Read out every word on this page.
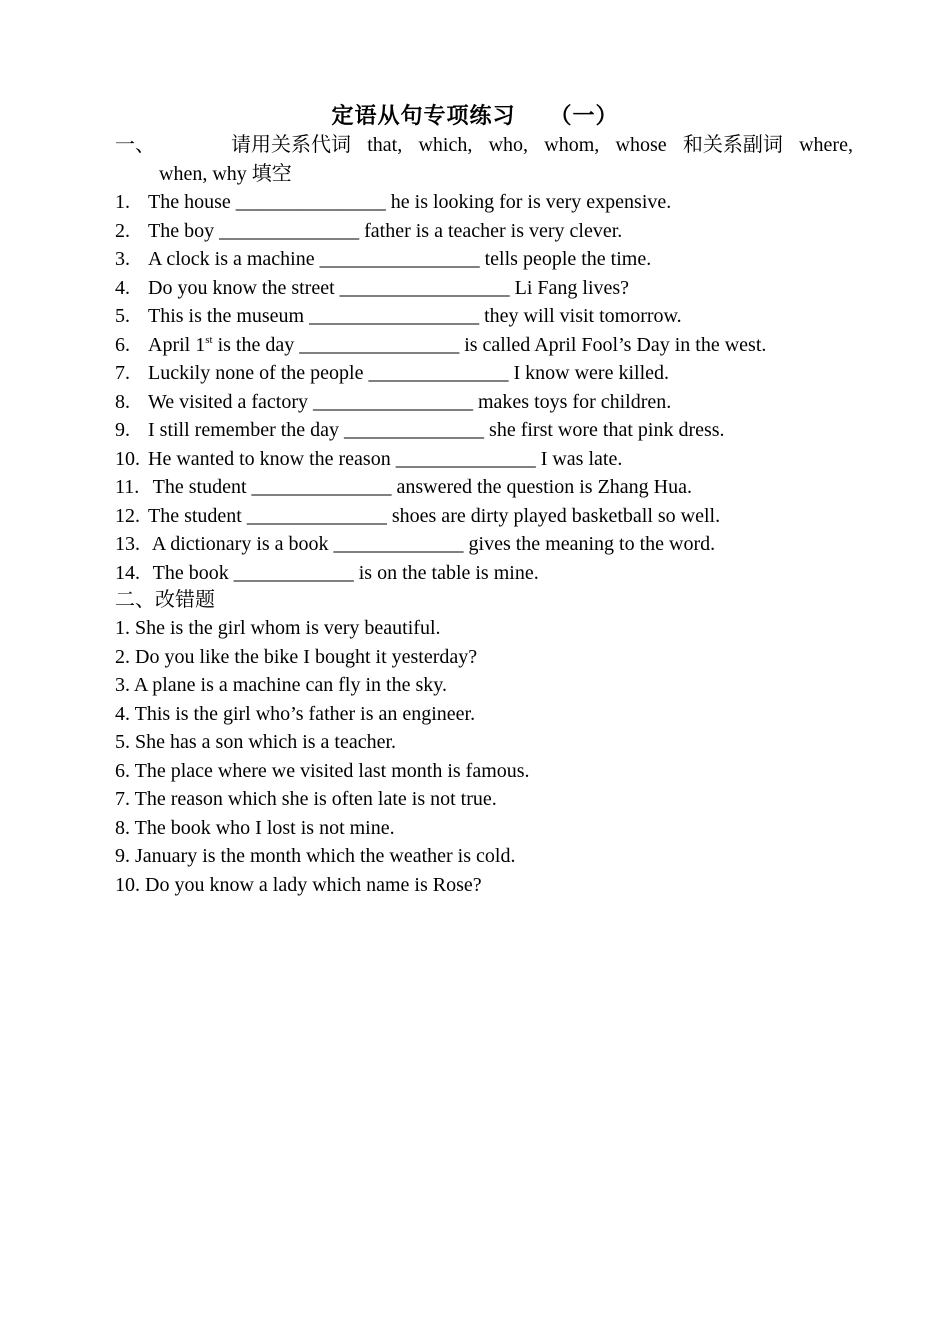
定语从句专项练习 （一）
一、	请用关系代词 that, which, who, whom, whose 和关系副词 where,
when, why 填空
1. The house _______________ he is looking for is very expensive.
2. The boy ______________ father is a teacher is very clever.
3. A clock is a machine ________________ tells people the time.
4. Do you know the street _________________ Li Fang lives?
5. This is the museum _________________ they will visit tomorrow.
6. April 1st is the day ________________ is called April Fool’s Day in the west.
7. Luckily none of the people ______________ I know were killed.
8. We visited a factory ________________ makes toys for children.
9. I still remember the day ______________ she first wore that pink dress.
10. He wanted to know the reason ______________ I was late.
11. The student ______________ answered the question is Zhang Hua.
12. The student ______________ shoes are dirty played basketball so well.
13. A dictionary is a book _____________ gives the meaning to the word.
14. The book ____________ is on the table is mine.
二、改错题
1. She is the girl whom is very beautiful.
2. Do you like the bike I bought it yesterday?
3. A plane is a machine can fly in the sky.
4. This is the girl who’s father is an engineer.
5. She has a son which is a teacher.
6. The place where we visited last month is famous.
7. The reason which she is often late is not true.
8. The book who I lost is not mine.
9. January is the month which the weather is cold.
10. Do you know a lady which name is Rose?
